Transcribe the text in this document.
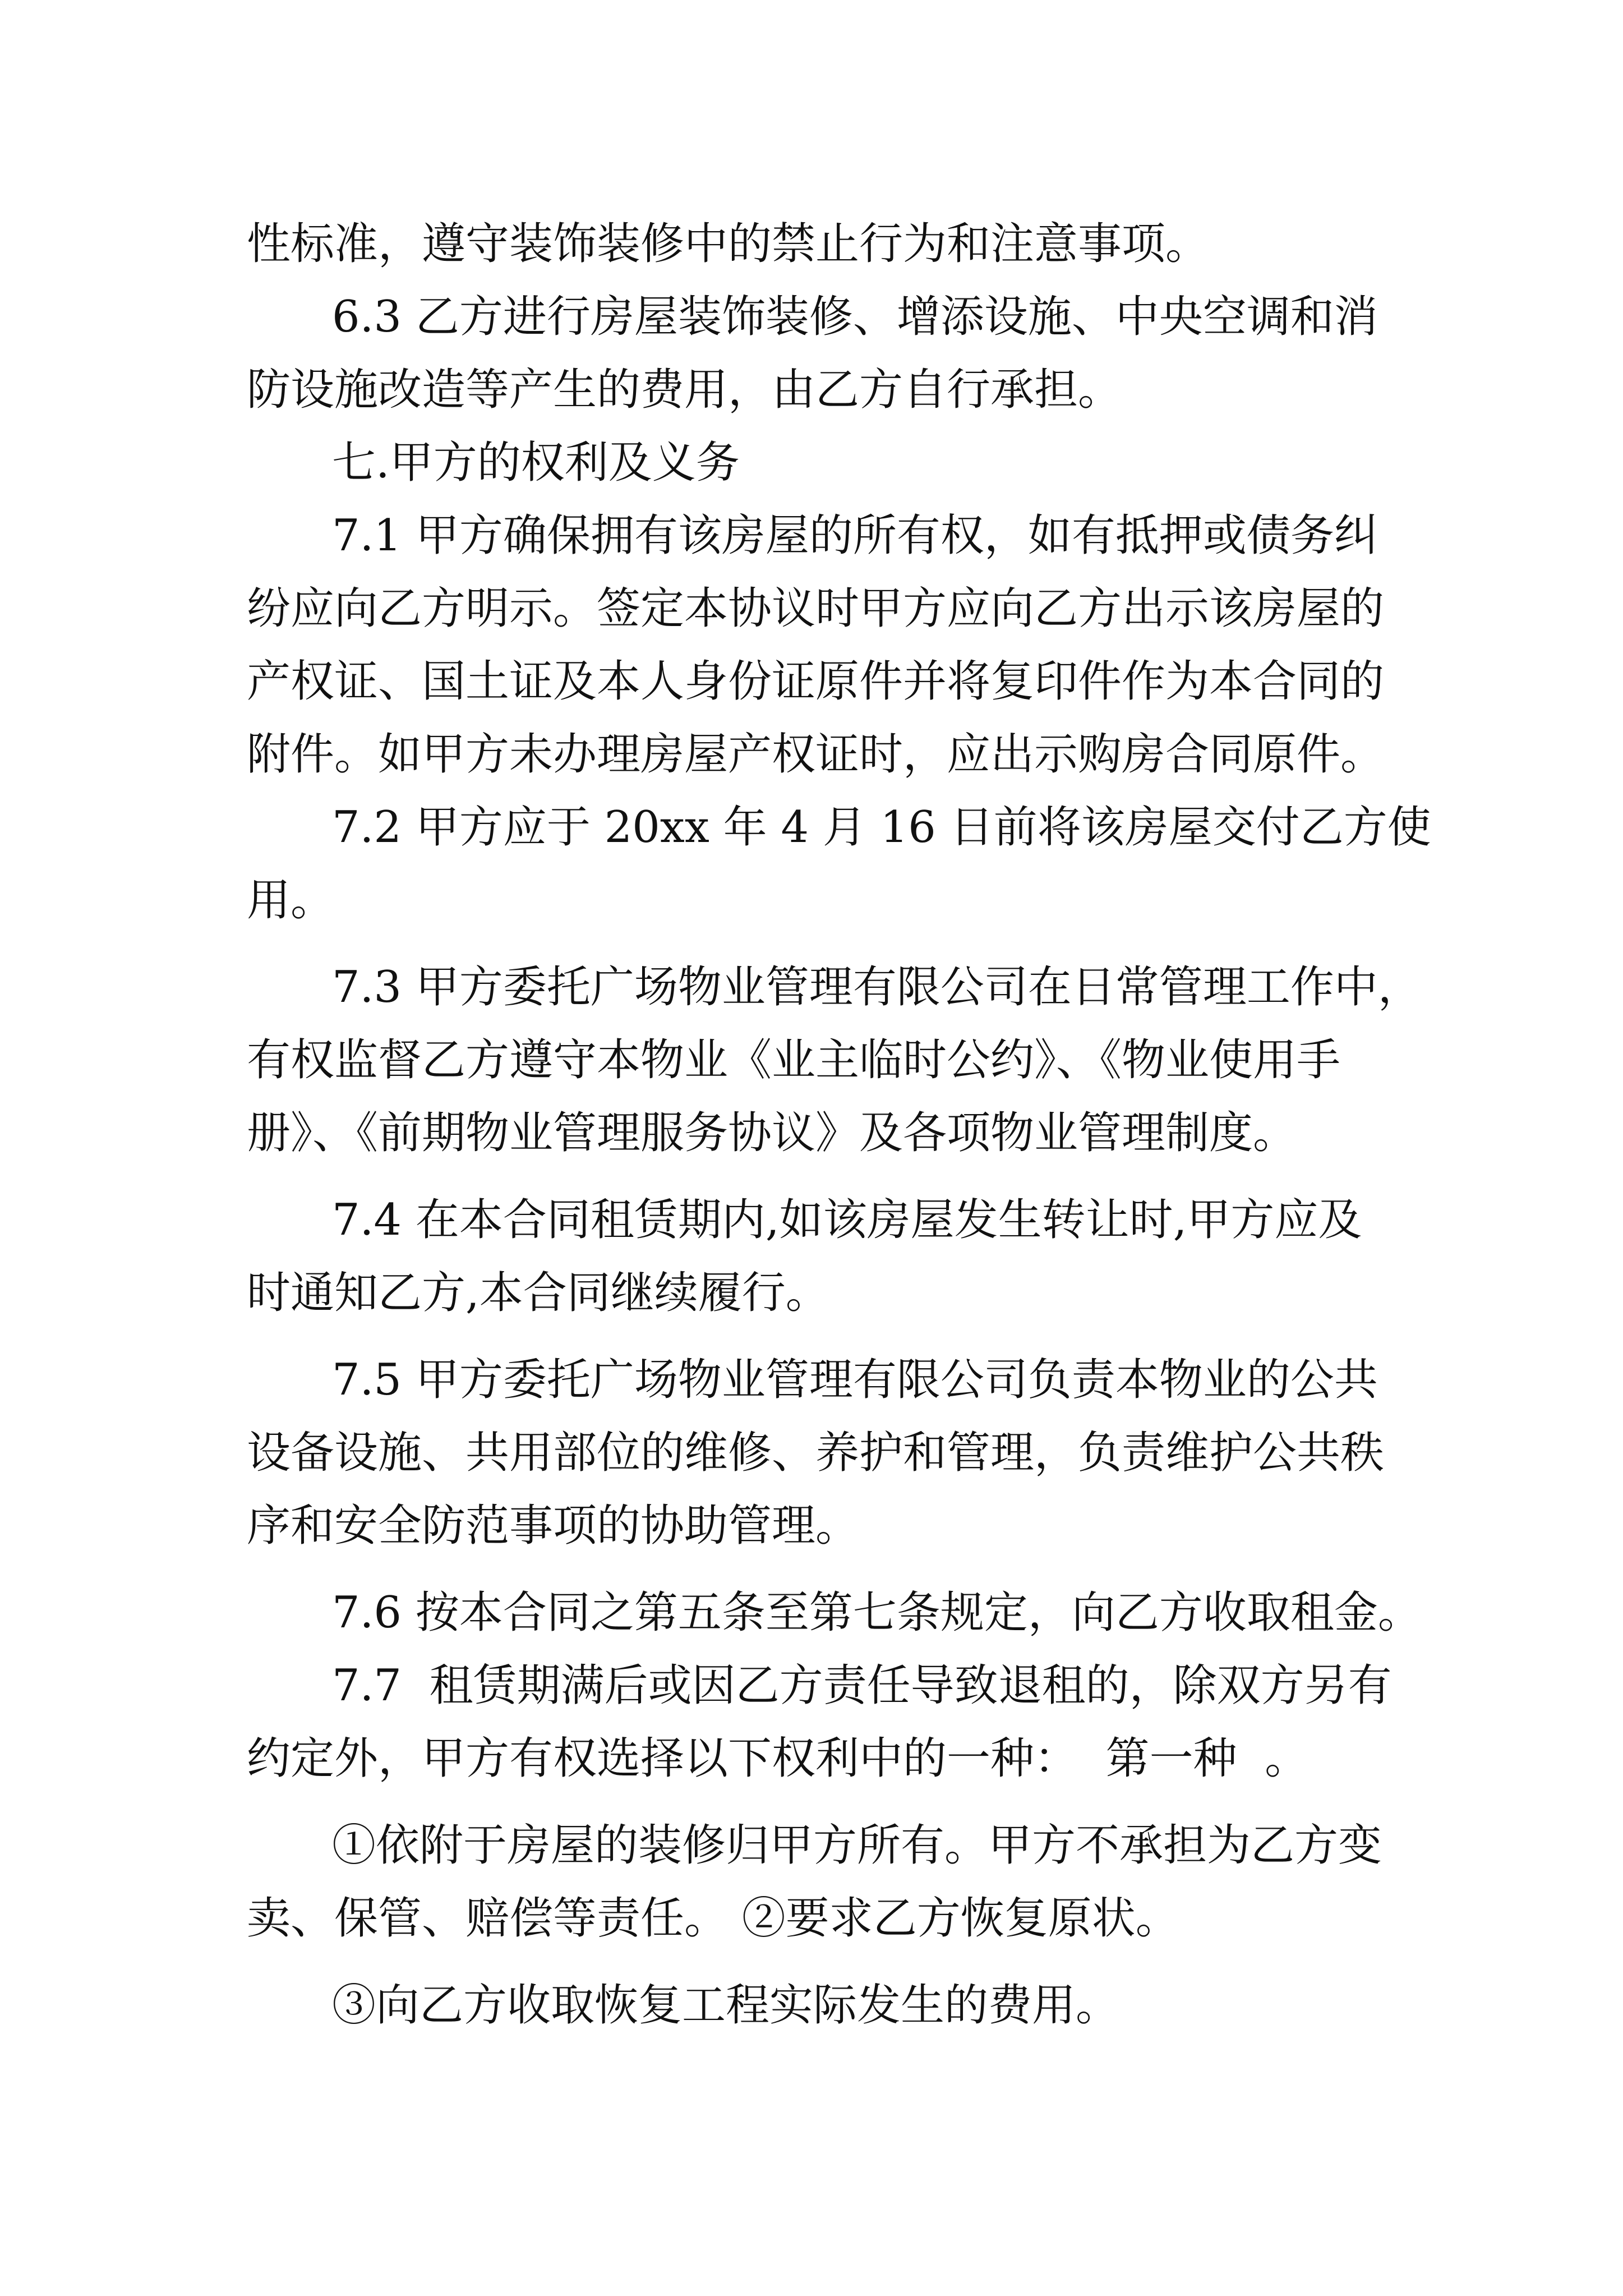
性标准，遵守装饰装修中的禁止行为和注意事项。

6.3 乙方进行房屋装饰装修、增添设施、中央空调和消

防设施改造等产生的费用，由乙方自行承担。

七.甲方的权利及义务

7.1 甲方确保拥有该房屋的所有权，如有抵押或债务纠

纷应向乙方明示。签定本协议时甲方应向乙方出示该房屋的

产权证、国土证及本人身份证原件并将复印件作为本合同的

附件。如甲方未办理房屋产权证时，应出示购房合同原件。

7.2 甲方应于 20xx 年 4 月 16 日前将该房屋交付乙方使

用。

7.3 甲方委托广场物业管理有限公司在日常管理工作中，

有权监督乙方遵守本物业《业主临时公约》、《物业使用手

册》、《前期物业管理服务协议》及各项物业管理制度。

7.4 在本合同租赁期内,如该房屋发生转让时,甲方应及

时通知乙方,本合同继续履行。

7.5 甲方委托广场物业管理有限公司负责本物业的公共

设备设施、共用部位的维修、养护和管理，负责维护公共秩

序和安全防范事项的协助管理。

7.6 按本合同之第五条至第七条规定，向乙方收取租金。

7.7  租赁期满后或因乙方责任导致退租的，除双方另有

约定外，甲方有权选择以下权利中的一种：  第一种  。

①依附于房屋的装修归甲方所有。甲方不承担为乙方变

卖、保管、赔偿等责任。 ②要求乙方恢复原状。

③向乙方收取恢复工程实际发生的费用。
